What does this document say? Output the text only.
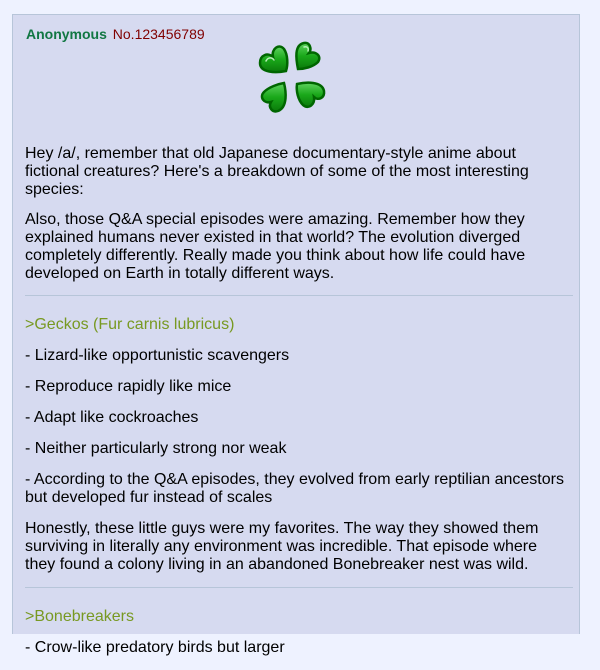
Anonymous No.123456789

Hey /a/, remember that old Japanese documentary-style anime about fictional creatures? Here's a breakdown of some of the most interesting species:

Also, those Q&A special episodes were amazing. Remember how they explained humans never existed in that world? The evolution diverged completely differently. Really made you think about how life could have developed on Earth in totally different ways.

>Geckos (Fur carnis lubricus)

- Lizard-like opportunistic scavengers

- Reproduce rapidly like mice

- Adapt like cockroaches

- Neither particularly strong nor weak

- According to the Q&A episodes, they evolved from early reptilian ancestors but developed fur instead of scales

Honestly, these little guys were my favorites. The way they showed them surviving in literally any environment was incredible. That episode where they found a colony living in an abandoned Bonebreaker nest was wild.

>Bonebreakers

- Crow-like predatory birds but larger
